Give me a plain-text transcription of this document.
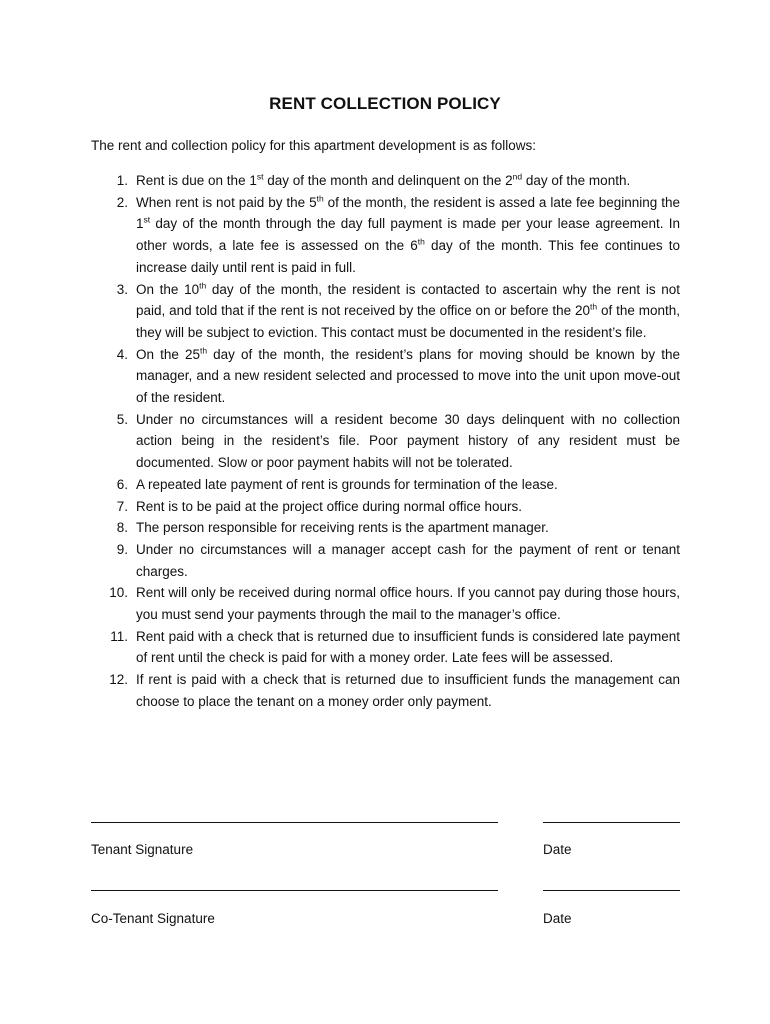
RENT COLLECTION POLICY
The rent and collection policy for this apartment development is as follows:
1. Rent is due on the 1st day of the month and delinquent on the 2nd day of the month.
2. When rent is not paid by the 5th of the month, the resident is assed a late fee beginning the 1st day of the month through the day full payment is made per your lease agreement. In other words, a late fee is assessed on the 6th day of the month. This fee continues to increase daily until rent is paid in full.
3. On the 10th day of the month, the resident is contacted to ascertain why the rent is not paid, and told that if the rent is not received by the office on or before the 20th of the month, they will be subject to eviction. This contact must be documented in the resident’s file.
4. On the 25th day of the month, the resident’s plans for moving should be known by the manager, and a new resident selected and processed to move into the unit upon move-out of the resident.
5. Under no circumstances will a resident become 30 days delinquent with no collection action being in the resident’s file. Poor payment history of any resident must be documented. Slow or poor payment habits will not be tolerated.
6. A repeated late payment of rent is grounds for termination of the lease.
7. Rent is to be paid at the project office during normal office hours.
8. The person responsible for receiving rents is the apartment manager.
9. Under no circumstances will a manager accept cash for the payment of rent or tenant charges.
10. Rent will only be received during normal office hours. If you cannot pay during those hours, you must send your payments through the mail to the manager’s office.
11. Rent paid with a check that is returned due to insufficient funds is considered late payment of rent until the check is paid for with a money order. Late fees will be assessed.
12. If rent is paid with a check that is returned due to insufficient funds the management can choose to place the tenant on a money order only payment.
Tenant Signature	Date
Co-Tenant Signature	Date
